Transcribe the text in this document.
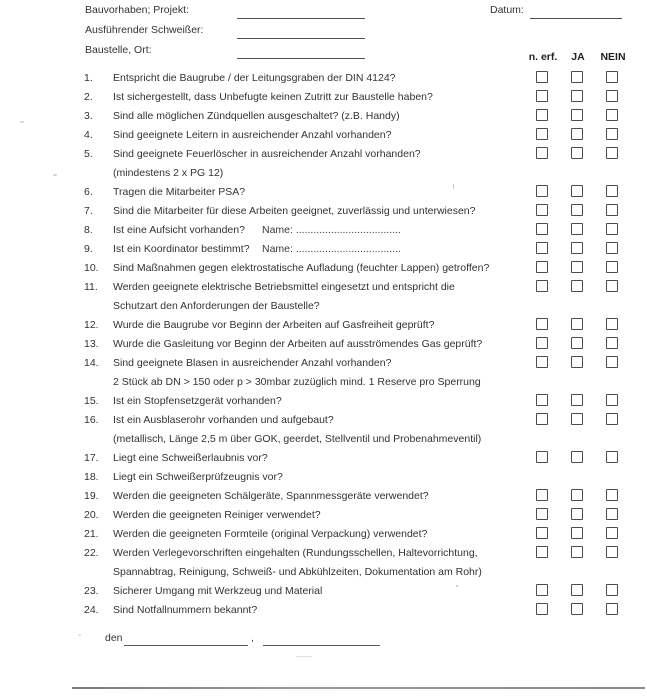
Bauvorhaben; Projekt:
Ausführender Schweißer:
Baustelle, Ort:
Datum:
n. erf. JA NEIN
1. Entspricht die Baugrube / der Leitungsgraben der DIN 4124?
2. Ist sichergestellt, dass Unbefugte keinen Zutritt zur Baustelle haben?
3. Sind alle möglichen Zündquellen ausgeschaltet? (z.B. Handy)
4. Sind geeignete Leitern in ausreichender Anzahl vorhanden?
5. Sind geeignete Feuerlöscher in ausreichender Anzahl vorhanden?
(mindestens 2 x PG 12)
6. Tragen die Mitarbeiter PSA?
7. Sind die Mitarbeiter für diese Arbeiten geeignet, zuverlässig und unterwiesen?
8. Ist eine Aufsicht vorhanden? Name: ....................................
9. Ist ein Koordinator bestimmt? Name: ....................................
10. Sind Maßnahmen gegen elektrostatische Aufladung (feuchter Lappen) getroffen?
11. Werden geeignete elektrische Betriebsmittel eingesetzt und entspricht die
Schutzart den Anforderungen der Baustelle?
12. Wurde die Baugrube vor Beginn der Arbeiten auf Gasfreiheit geprüft?
13. Wurde die Gasleitung vor Beginn der Arbeiten auf ausströmendes Gas geprüft?
14. Sind geeignete Blasen in ausreichender Anzahl vorhanden?
2 Stück ab DN > 150 oder p > 30mbar zuzüglich mind. 1 Reserve pro Sperrung
15. Ist ein Stopfensetzgerät vorhanden?
16. Ist ein Ausblaserohr vorhanden und aufgebaut?
(metallisch, Länge 2,5 m über GOK, geerdet, Stellventil und Probenahmeventil)
17. Liegt eine Schweißerlaubnis vor?
18. Liegt ein Schweißerprüfzeugnis vor?
19. Werden die geeigneten Schälgeräte, Spannmessgeräte verwendet?
20. Werden die geeigneten Reiniger verwendet?
21. Werden die geeigneten Formteile (original Verpackung) verwendet?
22. Werden Verlegevorschriften eingehalten (Rundungsschellen, Haltevorrichtung,
Spannabtrag, Reinigung, Schweiß- und Abkühlzeiten, Dokumentation am Rohr)
23. Sicherer Umgang mit Werkzeug und Material
24. Sind Notfallnummern bekannt?
den	,
